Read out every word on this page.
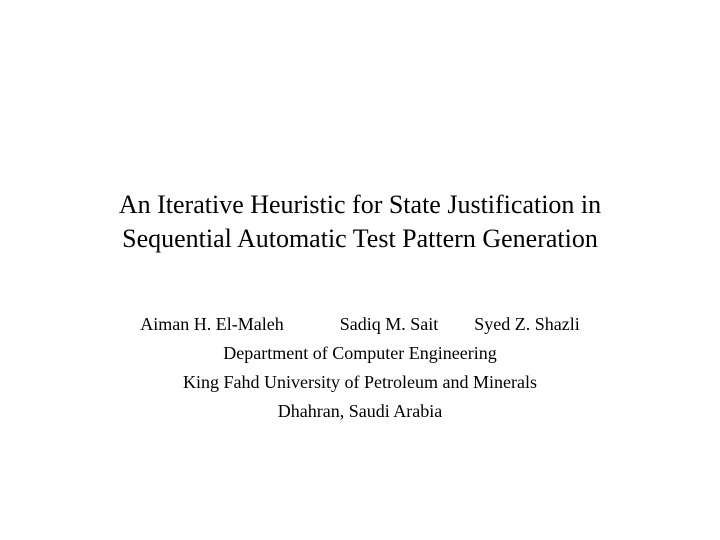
An Iterative Heuristic for State Justification in
Sequential Automatic Test Pattern Generation
Aiman H. El-Maleh	Sadiq M. Sait	Syed Z. Shazli
Department of Computer Engineering
King Fahd University of Petroleum and Minerals
Dhahran, Saudi Arabia
